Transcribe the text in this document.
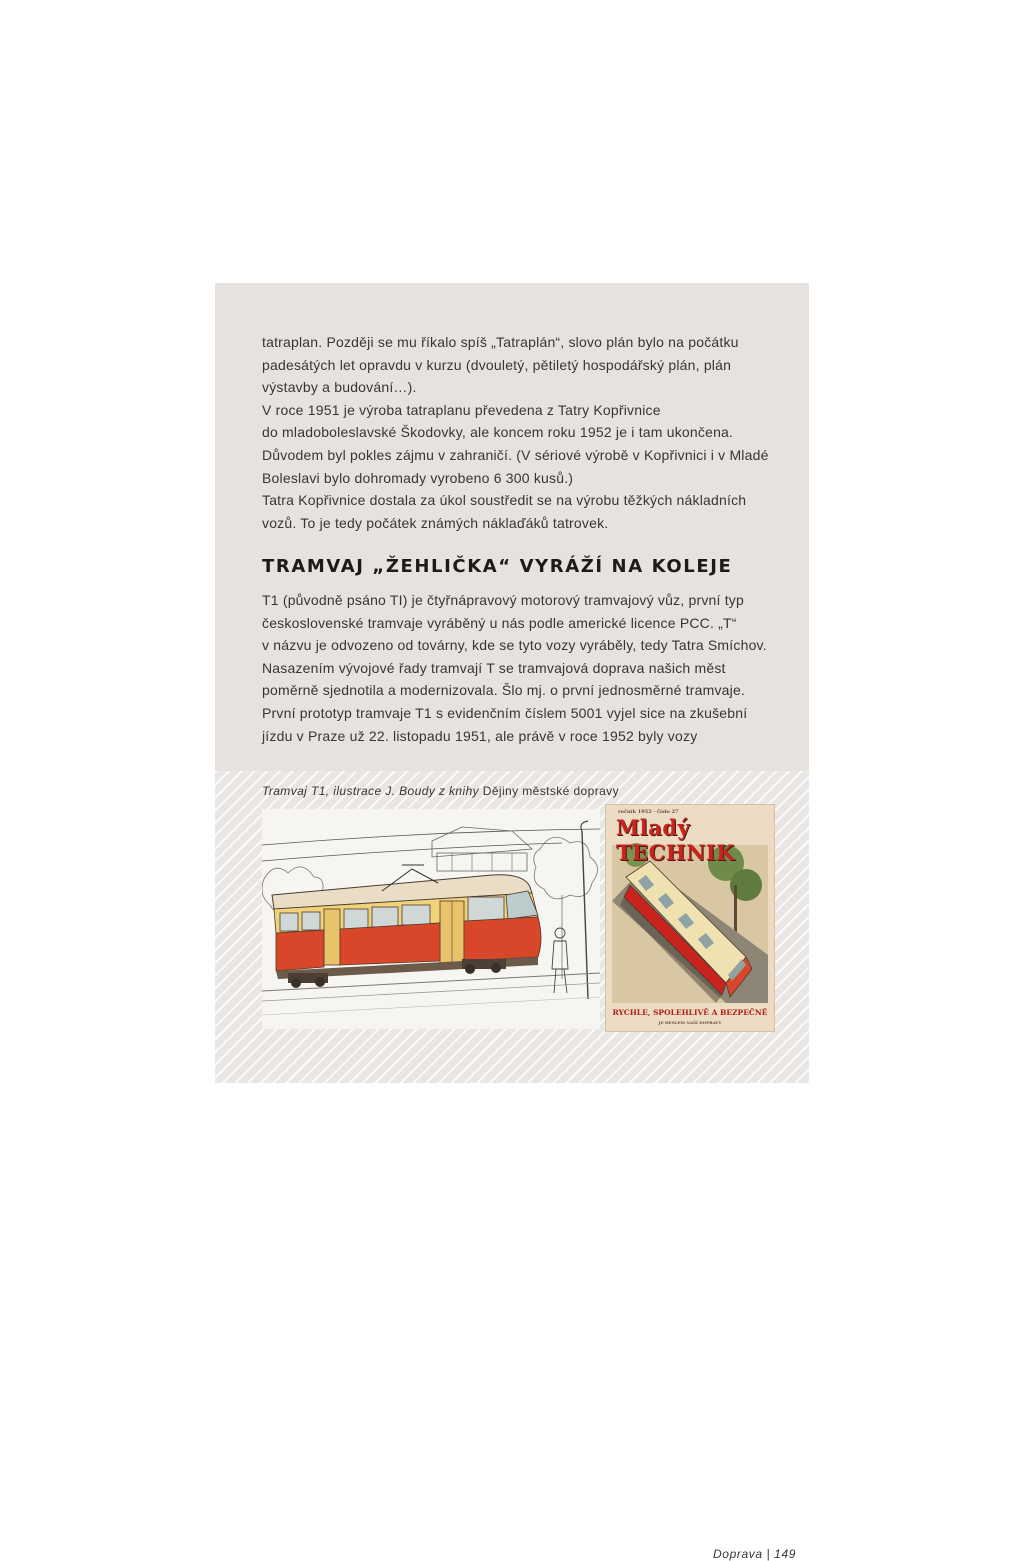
tatraplan. Později se mu říkalo spíš „Tatraplán“, slovo plán bylo na počátku

padesátých let opravdu v kurzu (dvouletý, pětiletý hospodářský plán, plán

výstavby a budování…).

V roce 1951 je výroba tatraplanu převedena z Tatry Kopřivnice

do mladoboleslavské Škodovky, ale koncem roku 1952 je i tam ukončena.

Důvodem byl pokles zájmu v zahraničí. (V sériové výrobě v Kopřivnici i v Mladé

Boleslavi bylo dohromady vyrobeno 6 300 kusů.)

Tatra Kopřivnice dostala za úkol soustředit se na výrobu těžkých nákladních

vozů. To je tedy počátek známých náklaďáků tatrovek.

TRAMVAJ „ŽEHLIČKA“ VYRÁŽÍ NA KOLEJE

T1 (původně psáno TI) je čtyřnápravový motorový tramvajový vůz, první typ

československé tramvaje vyráběný u nás podle americké licence PCC. „T“

v názvu je odvozeno od továrny, kde se tyto vozy vyráběly, tedy Tatra Smíchov.

Nasazením vývojové řady tramvají T se tramvajová doprava našich měst

poměrně sjednotila a modernizovala. Šlo mj. o první jednosměrné tramvaje.

První prototyp tramvaje T1 s evidenčním číslem 5001 vyjel sice na zkušební

jízdu v Praze už 22. listopadu 1951, ale právě v roce 1952 byly vozy

Tramvaj T1, ilustrace J. Boudy z knihy Dějiny městské dopravy
ročník 1952 · číslo 27
Mladý TECHNIK
RYCHLE, SPOLEHLIVĚ A BEZPEČNĚ
JE HESLEM NAŠÍ DOPRAVY
Doprava | 149
